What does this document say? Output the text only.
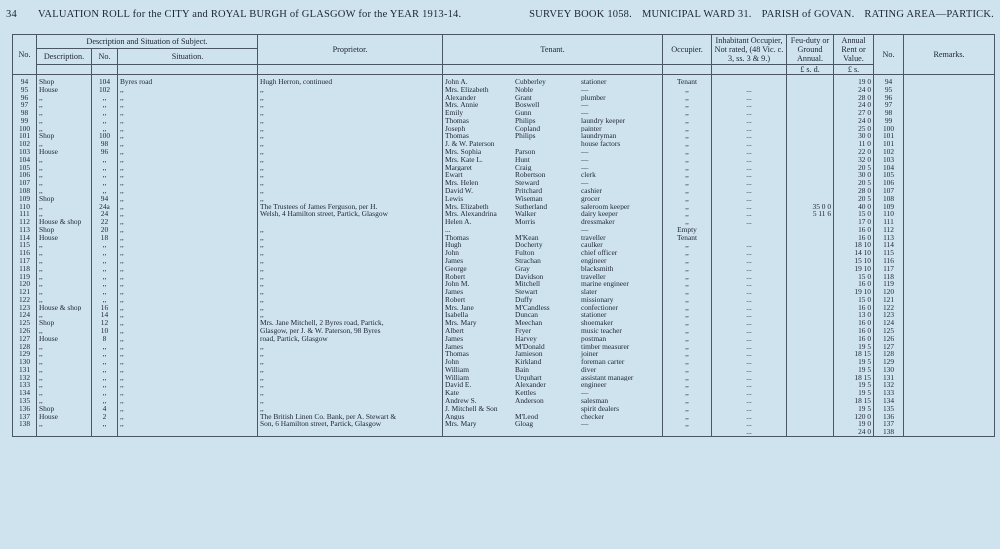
34	VALUATION ROLL for the CITY and ROYAL BURGH of GLASGOW for the YEAR 1913-14.	SURVEY BOOK 1058. MUNICIPAL WARD 31. PARISH of GOVAN. RATING AREA—PARTICK.
No.	Description and Situation of Subject.			Proprietor.	Tenant.	Occupier.	Inhabitant Occupier, Not rated, (48 Vic. c. 3, ss. 3 & 9.)	Feu-duty or Ground Annual.	Annual Rent or Value.	No.	Remarks.
	Description.	No.	Situation.								
								£ s. d.	£ s.		
94	Shop	104	Byres road	Hugh Herron, continued	John A. Cubberley stationer	Tenant			19 0	94	
95	House	102	,,	,,	Mrs. Elizabeth Noble —	,,	...		24 0	95	
96	,,	,,	,,	,,	Alexander Grant plumber	,,	...		28 0	96	
97	,,	,,	,,	,,	Mrs. Annie Boswell —	,,	...		24 0	97	
98	,,	,,	,,	,,	Emily Gunn —	,,	...		27 0	98	
99	,,	,,	,,	,,	Thomas Philips laundry keeper	,,	...		24 0	99	
100	,,	,,	,,	,,	Joseph Copland painter	,,	...		25 0	100	
101	Shop	100	,,	,,	Thomas Philips laundryman	,,	...		30 0	101	
102	,,	98	,,	,,	J. & W. Paterson house factors	,,	...		11 0	101	
103	House	96	,,	,,	Mrs. Sophia Parson —	,,	...		22 0	102	
104	,,	,,	,,	,,	Mrs. Kate L. Hunt —	,,	...		32 0	103	
105	,,	,,	,,	,,	Margaret Craig —	,,	...		20 5	104	
106	,,	,,	,,	,,	Ewart Robertson clerk	,,	...		30 0	105	
107	,,	,,	,,	,,	Mrs. Helen Steward —	,,	...		20 5	106	
108	,,	,,	,,	,,	David W. Pritchard cashier	,,	...		28 0	107	
109	Shop	94	,,	,,	Lewis Wiseman grocer	,,	...		20 5	108	
110	,,	24a	,,	The Trustees of James Ferguson, per H.	Mrs. Elizabeth Sutherland saleroom keeper	,,	...	35 0 0	40 0	109	
111	,,	24	,,	Welsh, 4 Hamilton street, Partick, Glasgow	Mrs. Alexandrina Walker dairy keeper	,,	...	5 11 6	15 0	110	
112	House & shop	22	,,		Helen A. Morris dressmaker	,,	...		17 0	111	
113	Shop	20	,,	,,	... —	Empty			16 0	112	
114	House	18	,,	,,	Thomas M'Kean traveller	Tenant			16 0	113	
115	,,	,,	,,	,,	Hugh Docherty caulker	,,	...		18 10	114	
116	,,	,,	,,	,,	John Fulton chief officer	,,	...		14 10	115	
117	,,	,,	,,	,,	James Strachan engineer	,,	...		15 10	116	
118	,,	,,	,,	,,	George Gray blacksmith	,,	...		19 10	117	
119	,,	,,	,,	,,	Robert Davidson traveller	,,	...		15 0	118	
120	,,	,,	,,	,,	John M. Mitchell marine engineer	,,	...		16 0	119	
121	,,	,,	,,	,,	James Stewart slater	,,	...		19 10	120	
122	,,	,,	,,	,,	Robert Duffy missionary	,,	...		15 0	121	
123	House & shop	16	,,	,,	Mrs. Jane M'Candless confectioner	,,	...		16 0	122	
124	,,	14	,,	,,	Isabella Duncan stationer	,,	...		13 0	123	
125	Shop	12	,,	Mrs. Jane Mitchell, 2 Byres road, Partick,	Mrs. Mary Meechan shoemaker	,,	...		16 0	124	
126	,,	10	,,	Glasgow, per J. & W. Paterson, 98 Byres	Albert Fryer music teacher	,,	...		16 0	125	
127	House	8	,,	road, Partick, Glasgow	James Harvey postman	,,	...		16 0	126	
128	,,	,,	,,	,,	James M'Donald timber measurer	,,	...		19 5	127	
129	,,	,,	,,	,,	Thomas Jamieson joiner	,,	...		18 15	128	
130	,,	,,	,,	,,	John Kirkland foreman carter	,,	...		19 5	129	
131	,,	,,	,,	,,	William Bain diver	,,	...		19 5	130	
132	,,	,,	,,	,,	William Urquhart assistant manager	,,	...		18 15	131	
133	,,	,,	,,	,,	David E. Alexander engineer	,,	...		19 5	132	
134	,,	,,	,,	,,	Kate Kettles —	,,	...		19 5	133	
135	,,	,,	,,	,,	Andrew S. Anderson salesman	,,	...		18 15	134	
136	Shop	4	,,	,,	J. Mitchell & Son spirit dealers	,,	...		19 5	135	
137	House	2	,,	The British Linen Co. Bank, per A. Stewart &	Angus M'Leod checker	,,	...		120 0	136	
138	,,	,,	,,	Son, 6 Hamilton street, Partick, Glasgow	Mrs. Mary Gloag —	,,	...		19 0	137	
							...		24 0	138	
